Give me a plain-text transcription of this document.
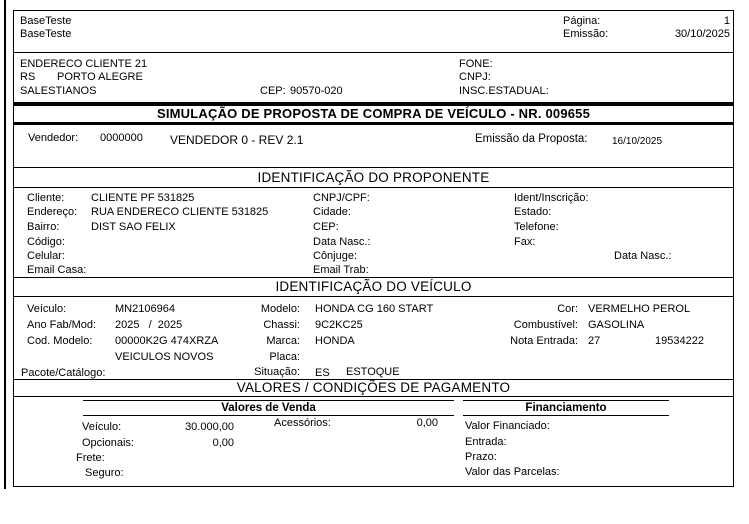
SIMULAÇÃO DE PROPOSTA DE COMPRA DE VEÍCULO - NR. 009655
IDENTIFICAÇÃO DO PROPONENTE
IDENTIFICAÇÃO DO VEÍCULO
VALORES / CONDIÇÕES DE PAGAMENTO
BaseTeste
BaseTeste
Página:	1
Emissão:	30/10/2025
ENDERECO CLIENTE 21
RS PORTO ALEGRE
SALESTIANOS	CEP: 90570-020
FONE:
CNPJ:
INSC.ESTADUAL:
Vendedor: 0000000 VENDEDOR 0 - REV 2.1	Emissão da Proposta: 16/10/2025
Cliente: CLIENTE PF 531825	CNPJ/CPF:	Ident/Inscrição:
Endereço: RUA ENDERECO CLIENTE 531825	Cidade:	Estado:
Bairro:	DIST SAO FELIX	CEP:	Telefone:
Código:	Data Nasc.:	Fax:
Celular:	Cônjuge:	Data Nasc.:
Email Casa:	Email Trab:
Veículo:	MN2106964	Modelo: HONDA CG 160 START	Cor: VERMELHO PEROL
Ano Fab/Mod: 2025   /  2025	Chassi: 9C2KC25	Combustível: GASOLINA
Cod. Modelo: 00000K2G 474XRZA	Marca: HONDA	Nota Entrada: 27	19534222
VEICULOS NOVOS	Placa:
Pacote/Catálogo:	Situação: ES ESTOQUE
Valores de Venda	Financiamento
Acessórios:	0,00
Veículo:	30.000,00	Valor Financiado:
Opcionais:	0,00	Entrada:
Frete:	Prazo:
Seguro:	Valor das Parcelas:
